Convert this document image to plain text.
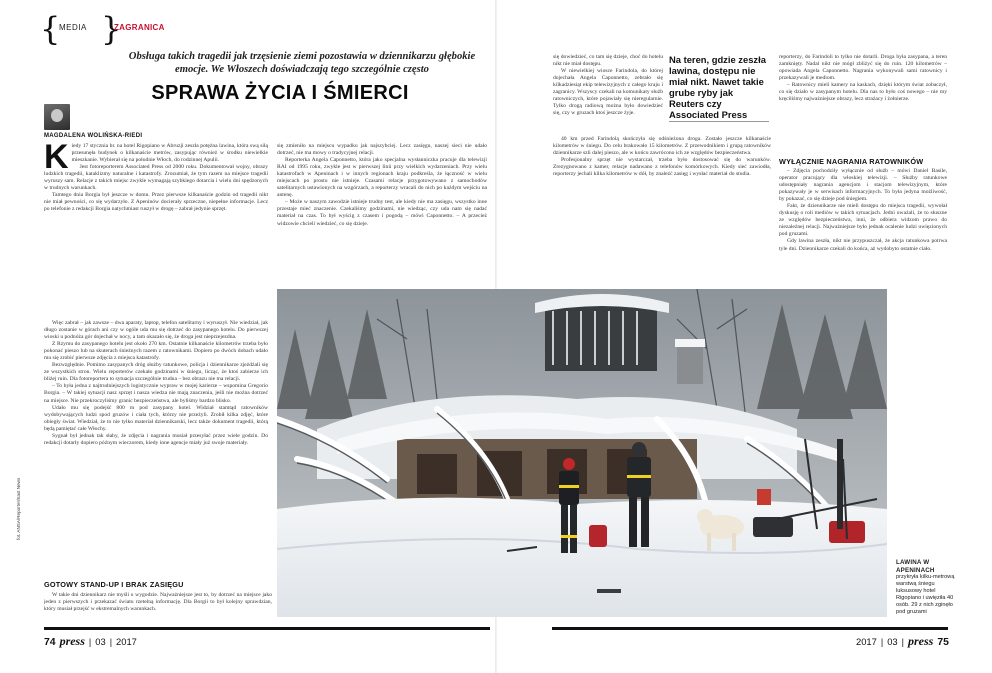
{
MEDIA }
ZAGRANICA
Obsługa takich tragedii jak trzęsienie ziemi pozostawia w dziennikarzu głębokie emocje. We Włoszech doświadczają tego szczególnie często
SPRAWA ŻYCIA I ŚMIERCI
MAGDALENA WOLIŃSKA-RIEDI
K iedy 17 stycznia br. na hotel Rigopiano w Abruzji zeszła potężna lawina, która swą siłą przesunęła budynek o kilkanaście metrów, zasypując również w środku niewielkie mieszkanie. Wybierał się na południe Włoch, do rodzinnej Apulii.

Jest fotoreporterem Associated Press od 2000 roku. Dokumentował wojny, obrazy ludzkich tragedii, kataklizmy naturalne i katastrofy. Zrozumiał, że tym razem na miejsce tragedii wyruszy sam. Relacje z takich miejsc zwykle wymagają szybkiego dotarcia i wielu dni spędzonych w trudnych warunkach.

Tamtego dnia Borgia był jeszcze w domu. Przez pierwsze kilkanaście godzin od tragedii nikt nie miał pewności, co się wydarzyło. Z Apeninów docierały sprzeczne, niepełne informacje. Lecz po telefonie z redakcji Borgia natychmiast ruszył w drogę – zabrał jedynie sprzęt.

Więc zabrał – jak zawsze – dwa aparaty, laptop, telefon satelitarny i wyruszył. Nie wiedział, jak długo zostanie w górach ani czy w ogóle uda mu się dotrzeć do zasypanego hotelu. Do pierwszej wioski u podnóża gór dojechał w nocy, a tam okazało się, że droga jest nieprzejezdna.

Z Rzymu do zasypanego hotelu jest około 270 km. Ostatnie kilkanaście kilometrów trzeba było pokonać pieszo lub na skuterach śnieżnych razem z ratownikami. Dopiero po dwóch dobach udało mu się zrobić pierwsze zdjęcia z miejsca katastrofy.

Bezwzględnie. Pomimo zasypanych dróg służby ratunkowe, policja i dziennikarze zjeżdżali się ze wszystkich stron. Wielu reporterów czekało godzinami w śniegu, licząc, że ktoś zabierze ich bliżej ruin. Dla fotoreportera to sytuacja szczególnie trudna – bez obrazu nie ma relacji.

– To była jedna z najtrudniejszych logistycznie wypraw w mojej karierze – wspomina Gregorio Borgia. – W takiej sytuacji nasz sprzęt i nasza wiedza nie mają znaczenia, jeśli nie można dotrzeć na miejsce. Nie przekroczyliśmy granic bezpieczeństwa, ale byliśmy bardzo blisko.

Udało mu się podejść 800 m pod zasypany hotel. Widział stamtąd ratowników wydobywających ludzi spod gruzów i ciała tych, którzy nie przeżyli. Zrobił kilka zdjęć, które obiegły świat. Wiedział, że to nie tylko materiał dziennikarski, lecz także dokument tragedii, którą będą pamiętać całe Włochy.

Sygnał był jednak tak słaby, że zdjęcia i nagrania musiał przesyłać przez wiele godzin. Do redakcji dotarły dopiero późnym wieczorem, kiedy inne agencje miały już swoje materiały.

GOTOWY STAND-UP I BRAK ZASIĘGU

W takie dni dziennikarz nie myśli o wygodzie. Najważniejsze jest to, by dotrzeć na miejsce jako jeden z pierwszych i przekazać światu rzetelną informację. Dla Borgii to był kolejny sprawdzian, który musiał przejść w ekstremalnych warunkach.

się zmieniło na miejscu wypadku jak najszybciej. Lecz zasięgu, naszej sieci nie udało dotrzeć, nie ma mowy o tradycyjnej relacji.

Reporterka Angela Caponnetto, która jako specjalna wysłanniczka pracuje dla telewizji RAI od 1995 roku, zwykle jest w pierwszej linii przy wielkich wydarzeniach. Przy wielu katastrofach w Apeninach i w innych regionach kraju podkreśla, że łączność w wielu miejscach po prostu nie istnieje. Czasami relacje przygotowywano z samochodów satelitarnych ustawionych na wzgórzach, a reporterzy wracali do nich po każdym wejściu na antenę.

– Może w naszym zawodzie istnieje trudny test, ale kiedy nie ma zasięgu, wszystko inne przestaje mieć znaczenie. Czekaliśmy godzinami, nie wiedząc, czy uda nam się nadać materiał na czas. To był wyścig z czasem i pogodą – mówi Caponnetto. – A przecież widzowie chcieli wiedzieć, co się dzieje.

się dowiedzieć, co tam się dzieje, choć do hotelu nikt nie miał dostępu.

W niewielkiej wiosce Farindola, do której dojechała Angela Caponnetto, zebrało się kilkadziesiąt ekip telewizyjnych z całego kraju i zagranicy. Wszyscy czekali na komunikaty służb ratowniczych, które pojawiały się nieregularnie. Tylko drogą radiową można było dowiedzieć się, czy w gruzach ktoś jeszcze żyje.

40 km przed Farindolą skończyła się odśnieżona droga. Zostało jeszcze kilkanaście kilometrów w śniegu. Do celu brakowało 15 kilometrów. Z przewodnikiem i grupą ratowników dziennikarze szli dalej pieszo, ale w końcu zawrócono ich ze względów bezpieczeństwa.

Profesjonalny sprzęt nie wystarczał, trzeba było dostosować się do warunków. Zrezygnowano z kamer, relacje nadawano z telefonów komórkowych. Kiedy sieć zawiodła, reporterzy jechali kilka kilometrów w dół, by znaleźć zasięg i wysłać materiał do studia.

Na teren, gdzie zeszła lawina, dostępu nie miał nikt. Nawet takie grube ryby jak Reuters czy Associated Press

reporterzy, do Farindoli to tylko nie dotarli. Droga była zasypana, a teren zamknięty. Nadal nikt nie mógł zbliżyć się do ruin. 120 kilometrów – opowiada Angela Caponnetto. Nagrania wykonywali sami ratownicy i przekazywali je mediom.

– Ratownicy mieli kamery na kaskach, dzięki którym świat zobaczył, co się działo w zasypanym hotelu. Dla nas to było coś nowego – nie my kręciliśmy najważniejsze obrazy, lecz strażacy i żołnierze.

WYŁĄCZNIE NAGRANIA RATOWNIKÓW

– Zdjęcia pochodziły wyłącznie od służb – mówi Daniel Basile, operator pracujący dla włoskiej telewizji. – Służby ratunkowe udostępniały nagrania agencjom i stacjom telewizyjnym, które pokazywały je w serwisach informacyjnych. To była jedyna możliwość, by pokazać, co się dzieje pod śniegiem.

Fakt, że dziennikarze nie mieli dostępu do miejsca tragedii, wywołał dyskusję o roli mediów w takich sytuacjach. Jedni uważali, że to słuszne ze względów bezpieczeństwa, inni, że odbiera widzom prawo do niezależnej relacji. Najważniejsze było jednak ocalenie ludzi uwięzionych pod gruzami.

Gdy lawina zeszła, nikt nie przypuszczał, że akcja ratunkowa potrwa tyle dni. Dziennikarze czekali do końca, aż wydobyto ostatnie ciało.

LAWINA W APENINACH
przykryła kilku-metrową warstwą śniegu luksusowy hotel Rigopiano i uwięziła 40 osób. 29 z nich zginęło pod gruzami
fot. ANSA/Reporter/East News
74 press | 03 | 2017	2017 | 03 | press 75
